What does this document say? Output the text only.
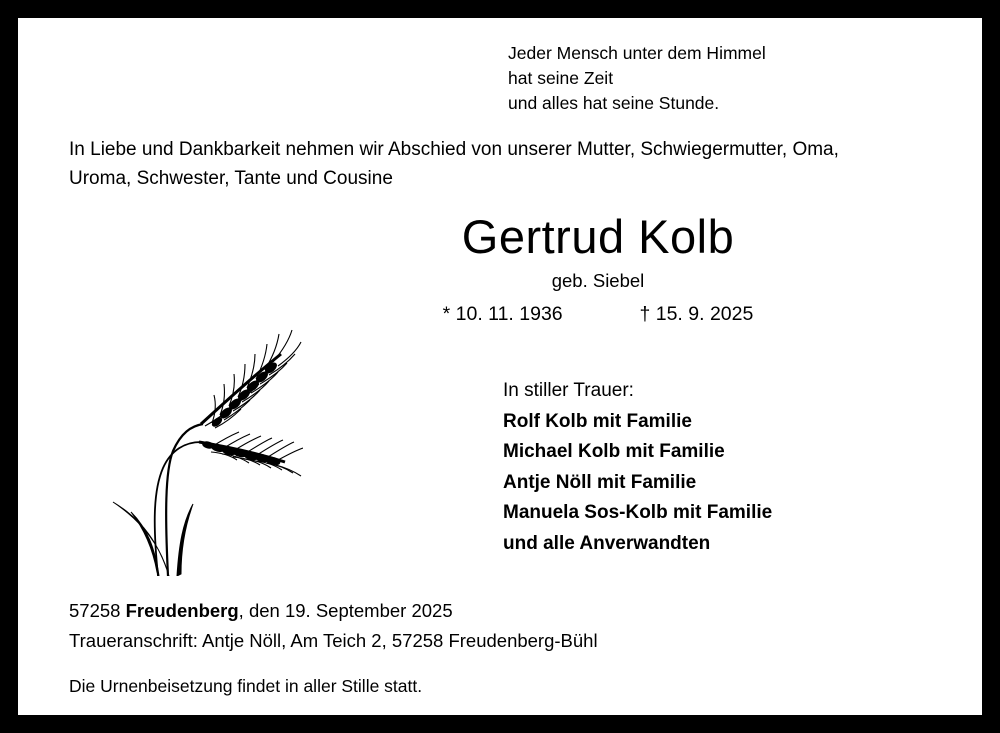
Jeder Mensch unter dem Himmel
hat seine Zeit
und alles hat seine Stunde.
In Liebe und Dankbarkeit nehmen wir Abschied von unserer Mutter, Schwiegermutter, Oma,
Uroma, Schwester, Tante und Cousine
Gertrud Kolb
geb. Siebel
* 10. 11. 1936	† 15. 9. 2025
In stiller Trauer:
Rolf Kolb mit Familie
Michael Kolb mit Familie
Antje Nöll mit Familie
Manuela Sos-Kolb mit Familie
und alle Anverwandten
57258 Freudenberg, den 19. September 2025
Traueranschrift: Antje Nöll, Am Teich 2, 57258 Freudenberg-Bühl
Die Urnenbeisetzung findet in aller Stille statt.
